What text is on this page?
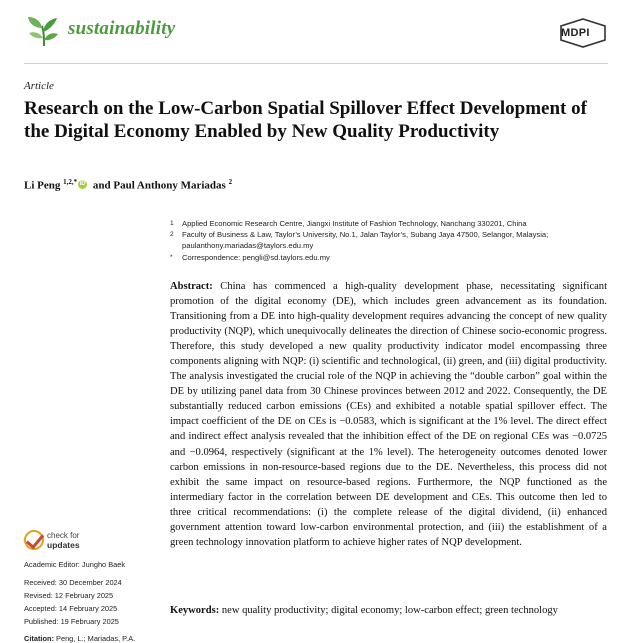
sustainability	MDPI
Article
Research on the Low-Carbon Spatial Spillover Effect Development of the Digital Economy Enabled by New Quality Productivity
Li Peng $^{1,2,*}$ iD and Paul Anthony Mariadas $^2$
1	Applied Economic Research Centre, Jiangxi Institute of Fashion Technology, Nanchang 330201, China
2	Faculty of Business & Law, Taylor’s University, No.1, Jalan Taylor’s, Subang Jaya 47500, Selangor, Malaysia;
paulanthony.mariadas@taylors.edu.my
*	Correspondence: pengli@sd.taylors.edu.my

Abstract: China has commenced a high-quality development phase, necessitating significant promotion of the digital economy (DE), which includes green advancement as its foundation. Transitioning from a DE into high-quality development requires advancing the concept of new quality productivity (NQP), which unequivocally delineates the direction of Chinese socio-economic progress. Therefore, this study developed a new quality productivity indicator model encompassing three components aligning with NQP: (i) scientific and technological, (ii) green, and (iii) digital productivity. The analysis investigated the crucial role of the NQP in achieving the “double carbon” goal within the DE by utilizing panel data from 30 Chinese provinces between 2012 and 2022. Consequently, the DE substantially reduced carbon emissions (CEs) and exhibited a notable spatial spillover effect. The impact coefficient of the DE on CEs is −0.0583, which is significant at the 1% level. The direct effect and indirect effect analysis revealed that the inhibition effect of the DE on regional CEs was −0.0725 and −0.0964, respectively (significant at the 1% level). The heterogeneity outcomes denoted lower carbon emissions in non-resource-based regions due to the DE. Nevertheless, this process did not exhibit the same impact on resource-based regions. Furthermore, the NQP functioned as the intermediary factor in the correlation between DE development and CEs. This outcome then led to three critical recommendations: (i) the complete release of the digital dividend, (ii) enhanced government attention toward low-carbon environmental protection, and (iii) the establishment of a green technology innovation platform to achieve higher rates of NQP development.

Keywords: new quality productivity; digital economy; low-carbon effect; green technology
check for
updates
Academic Editor: Jungho Baek
Received: 30 December 2024
Revised: 12 February 2025
Accepted: 14 February 2025
Published: 19 February 2025
Citation: Peng, L.; Mariadas, P.A.
